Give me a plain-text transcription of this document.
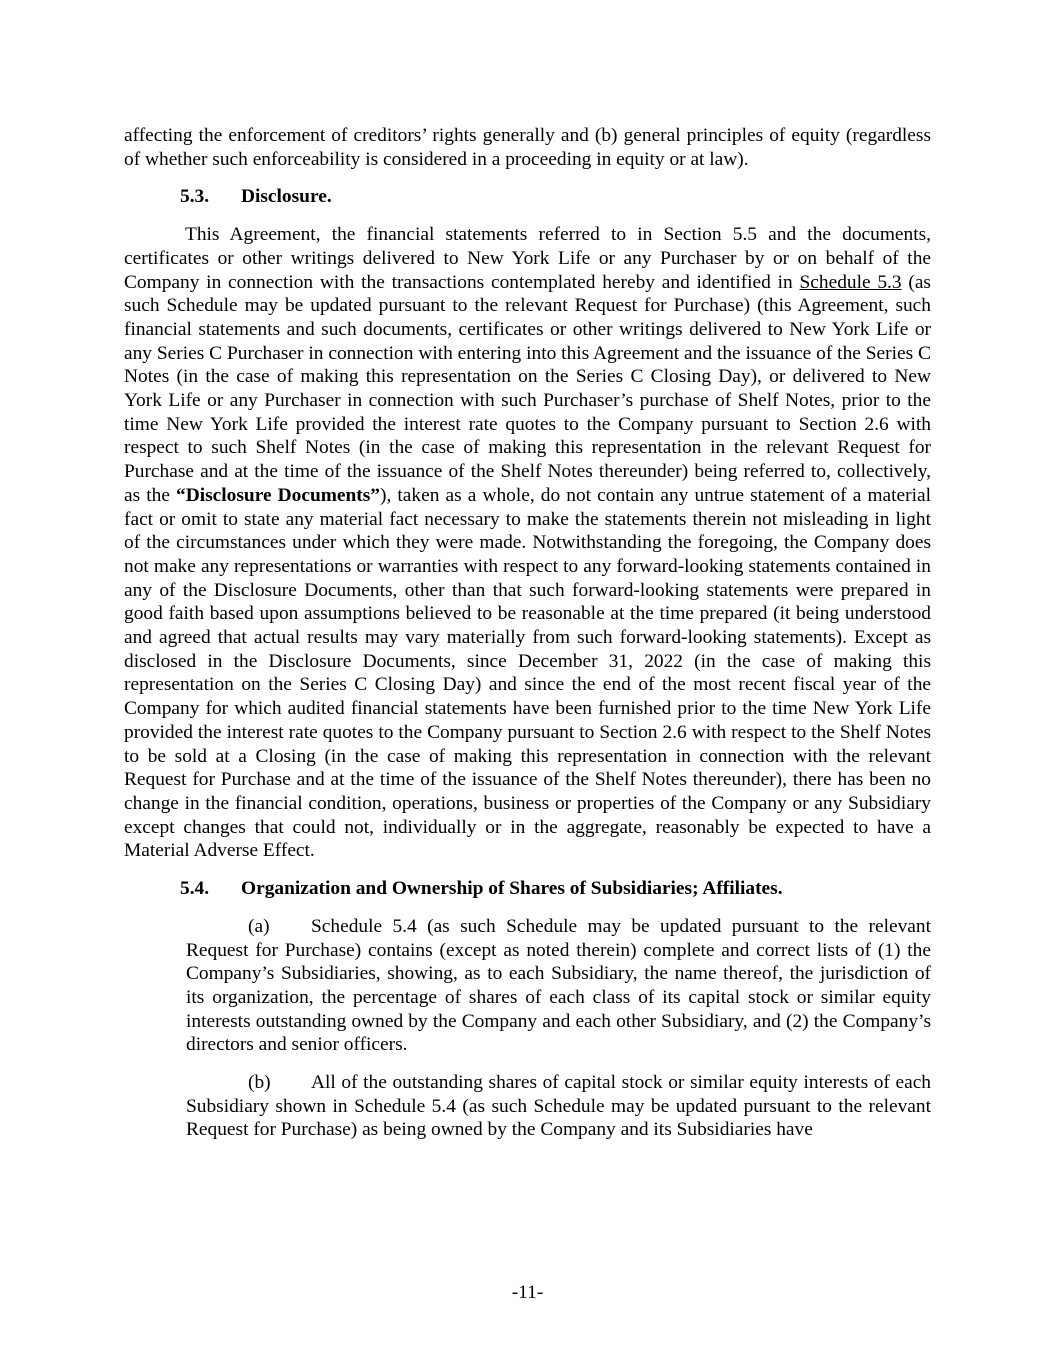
affecting the enforcement of creditors’ rights generally and (b) general principles of equity (regardless of whether such enforceability is considered in a proceeding in equity or at law).

5.3. Disclosure.

This Agreement, the financial statements referred to in Section 5.5 and the documents, certificates or other writings delivered to New York Life or any Purchaser by or on behalf of the Company in connection with the transactions contemplated hereby and identified in Schedule 5.3 (as such Schedule may be updated pursuant to the relevant Request for Purchase) (this Agreement, such financial statements and such documents, certificates or other writings delivered to New York Life or any Series C Purchaser in connection with entering into this Agreement and the issuance of the Series C Notes (in the case of making this representation on the Series C Closing Day), or delivered to New York Life or any Purchaser in connection with such Purchaser’s purchase of Shelf Notes, prior to the time New York Life provided the interest rate quotes to the Company pursuant to Section 2.6 with respect to such Shelf Notes (in the case of making this representation in the relevant Request for Purchase and at the time of the issuance of the Shelf Notes thereunder) being referred to, collectively, as the “Disclosure Documents”), taken as a whole, do not contain any untrue statement of a material fact or omit to state any material fact necessary to make the statements therein not misleading in light of the circumstances under which they were made. Notwithstanding the foregoing, the Company does not make any representations or warranties with respect to any forward-looking statements contained in any of the Disclosure Documents, other than that such forward-looking statements were prepared in good faith based upon assumptions believed to be reasonable at the time prepared (it being understood and agreed that actual results may vary materially from such forward-looking statements). Except as disclosed in the Disclosure Documents, since December 31, 2022 (in the case of making this representation on the Series C Closing Day) and since the end of the most recent fiscal year of the Company for which audited financial statements have been furnished prior to the time New York Life provided the interest rate quotes to the Company pursuant to Section 2.6 with respect to the Shelf Notes to be sold at a Closing (in the case of making this representation in connection with the relevant Request for Purchase and at the time of the issuance of the Shelf Notes thereunder), there has been no change in the financial condition, operations, business or properties of the Company or any Subsidiary except changes that could not, individually or in the aggregate, reasonably be expected to have a Material Adverse Effect.

5.4. Organization and Ownership of Shares of Subsidiaries; Affiliates.

(a) Schedule 5.4 (as such Schedule may be updated pursuant to the relevant Request for Purchase) contains (except as noted therein) complete and correct lists of (1) the Company’s Subsidiaries, showing, as to each Subsidiary, the name thereof, the jurisdiction of its organization, the percentage of shares of each class of its capital stock or similar equity interests outstanding owned by the Company and each other Subsidiary, and (2) the Company’s directors and senior officers.

(b) All of the outstanding shares of capital stock or similar equity interests of each Subsidiary shown in Schedule 5.4 (as such Schedule may be updated pursuant to the relevant Request for Purchase) as being owned by the Company and its Subsidiaries have

-11-
